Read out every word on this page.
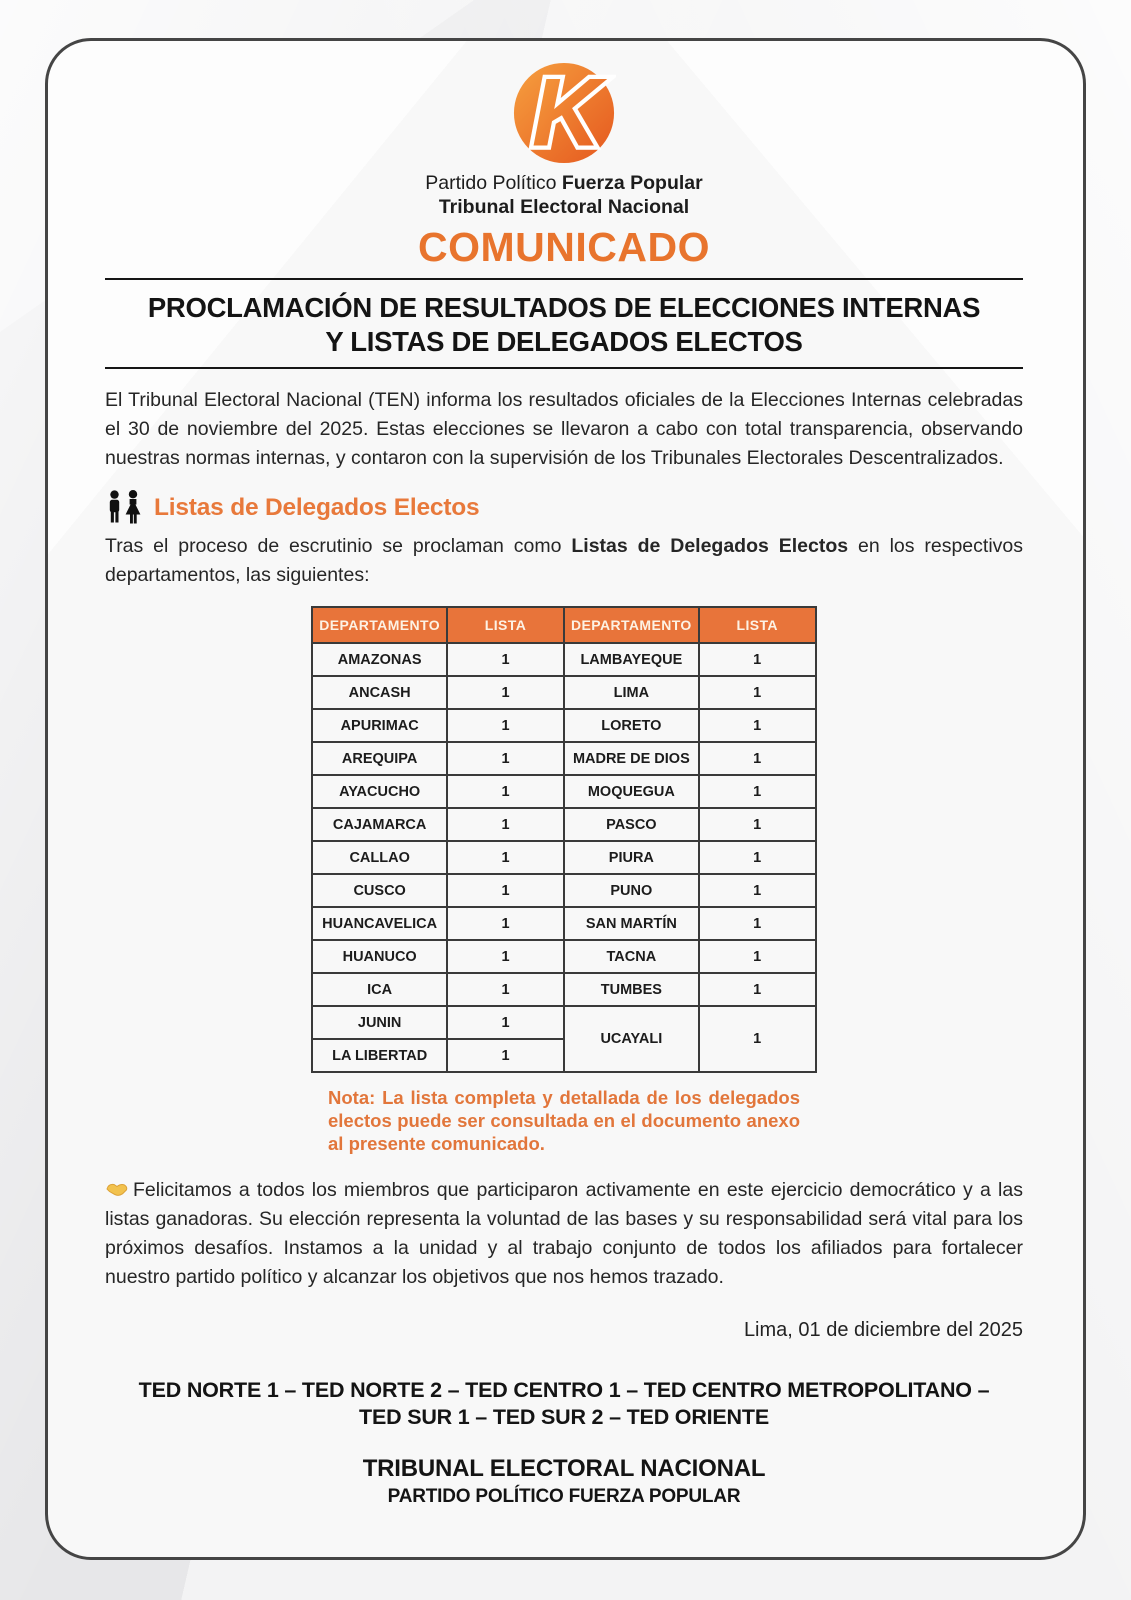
K
Partido Político Fuerza Popular
Tribunal Electoral Nacional
COMUNICADO
PROCLAMACIÓN DE RESULTADOS DE ELECCIONES INTERNAS
Y LISTAS DE DELEGADOS ELECTOS

El Tribunal Electoral Nacional (TEN) informa los resultados oficiales de la Elecciones Internas celebradas el 30 de noviembre del 2025. Estas elecciones se llevaron a cabo con total transparencia, observando nuestras normas internas, y contaron con la supervisión de los Tribunales Electorales Descentralizados.

Listas de Delegados Electos

Tras el proceso de escrutinio se proclaman como Listas de Delegados Electos en los respectivos departamentos, las siguientes:

DEPARTAMENTO	LISTA	DEPARTAMENTO	LISTA
AMAZONAS	1	LAMBAYEQUE	1
ANCASH	1	LIMA	1
APURIMAC	1	LORETO	1
AREQUIPA	1	MADRE DE DIOS	1
AYACUCHO	1	MOQUEGUA	1
CAJAMARCA	1	PASCO	1
CALLAO	1	PIURA	1
CUSCO	1	PUNO	1
HUANCAVELICA	1	SAN MARTÍN	1
HUANUCO	1	TACNA	1
ICA	1	TUMBES	1
JUNIN	1	UCAYALI	1
LA LIBERTAD	1		

Nota: La lista completa y detallada de los delegados electos puede ser consultada en el documento anexo al presente comunicado.

Felicitamos a todos los miembros que participaron activamente en este ejercicio democrático y a las listas ganadoras. Su elección representa la voluntad de las bases y su responsabilidad será vital para los próximos desafíos. Instamos a la unidad y al trabajo conjunto de todos los afiliados para fortalecer nuestro partido político y alcanzar los objetivos que nos hemos trazado.

Lima, 01 de diciembre del 2025

TED NORTE 1 – TED NORTE 2 – TED CENTRO 1 – TED CENTRO METROPOLITANO –
TED SUR 1 – TED SUR 2 – TED ORIENTE
TRIBUNAL ELECTORAL NACIONAL
PARTIDO POLÍTICO FUERZA POPULAR
